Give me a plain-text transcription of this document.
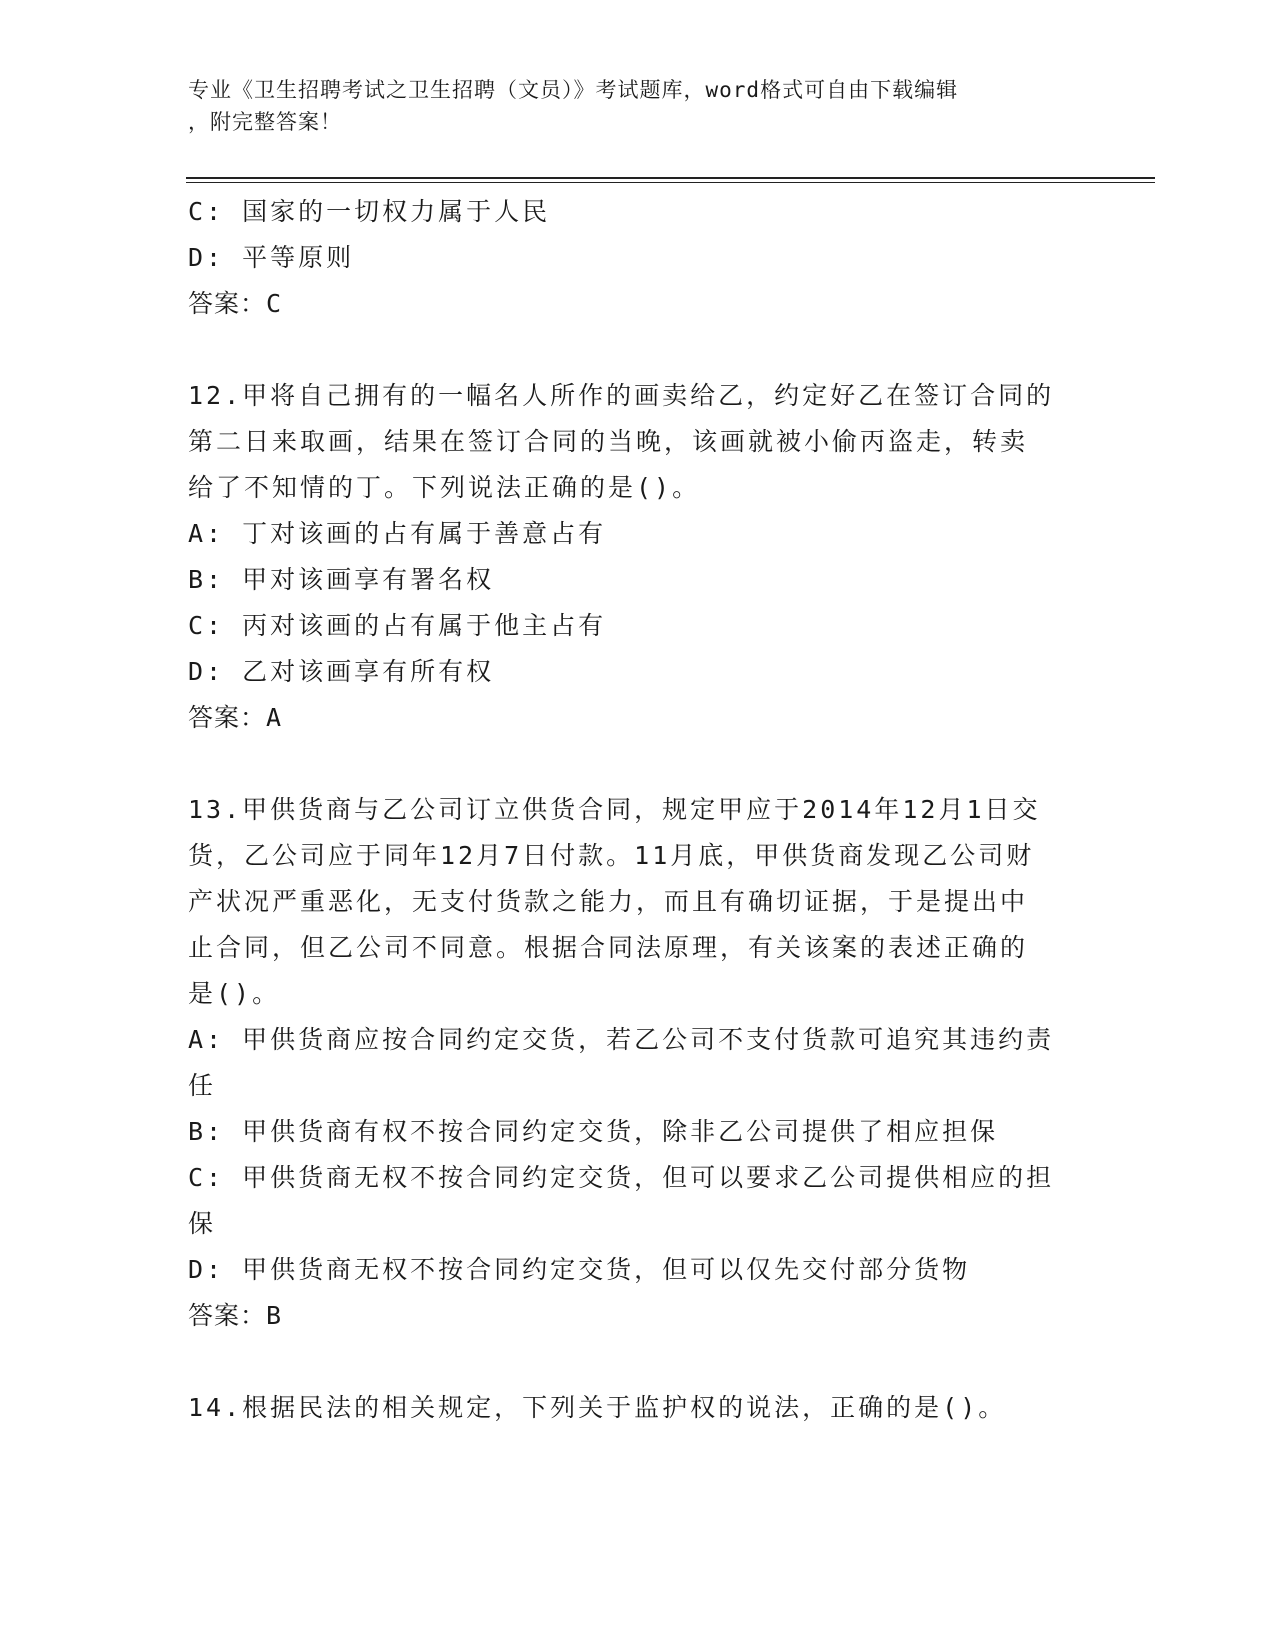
专业《卫生招聘考试之卫生招聘（文员）》考试题库，word格式可自由下载编辑
，附完整答案！
C: 国家的一切权力属于人民
D: 平等原则
答案：C
12.甲将自己拥有的一幅名人所作的画卖给乙，约定好乙在签订合同的
第二日来取画，结果在签订合同的当晚，该画就被小偷丙盗走，转卖
给了不知情的丁。下列说法正确的是()。
A: 丁对该画的占有属于善意占有
B: 甲对该画享有署名权
C: 丙对该画的占有属于他主占有
D: 乙对该画享有所有权
答案：A
13.甲供货商与乙公司订立供货合同，规定甲应于2014年12月1日交
货，乙公司应于同年12月7日付款。11月底，甲供货商发现乙公司财
产状况严重恶化，无支付货款之能力，而且有确切证据，于是提出中
止合同，但乙公司不同意。根据合同法原理，有关该案的表述正确的
是()。
A: 甲供货商应按合同约定交货，若乙公司不支付货款可追究其违约责
任
B: 甲供货商有权不按合同约定交货，除非乙公司提供了相应担保
C: 甲供货商无权不按合同约定交货，但可以要求乙公司提供相应的担
保
D: 甲供货商无权不按合同约定交货，但可以仅先交付部分货物
答案：B
14.根据民法的相关规定，下列关于监护权的说法，正确的是()。
